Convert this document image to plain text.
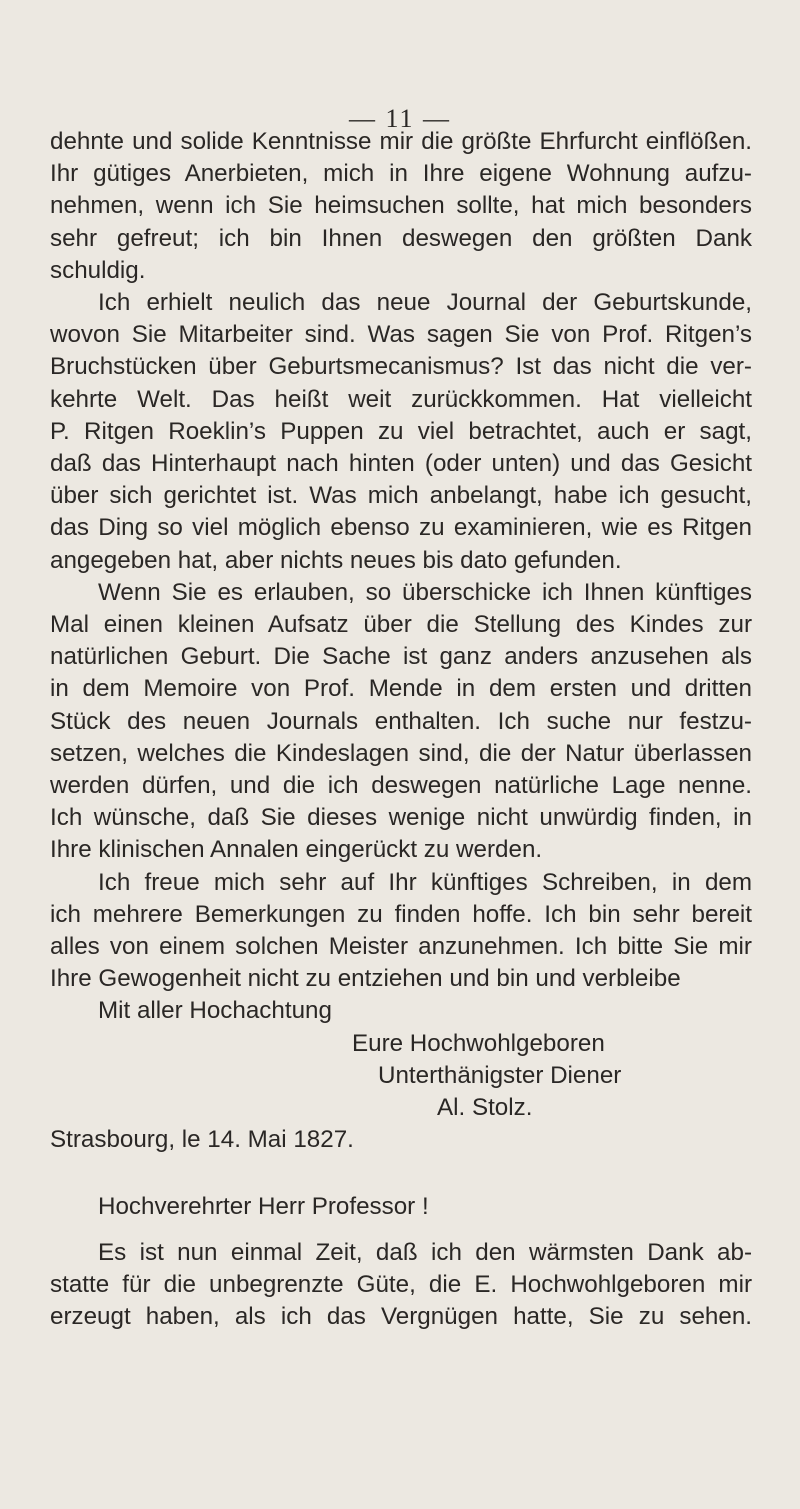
— 11 —
dehnte und solide Kenntnisse mir die größte Ehrfurcht einflößen.
Ihr gütiges Anerbieten, mich in Ihre eigene Wohnung aufzu-
nehmen, wenn ich Sie heimsuchen sollte, hat mich besonders
sehr gefreut; ich bin Ihnen deswegen den größten Dank
schuldig.
Ich erhielt neulich das neue Journal der Geburtskunde,
wovon Sie Mitarbeiter sind. Was sagen Sie von Prof. Ritgen’s
Bruchstücken über Geburtsmecanismus? Ist das nicht die ver-
kehrte Welt. Das heißt weit zurückkommen. Hat vielleicht
P. Ritgen Roeklin’s Puppen zu viel betrachtet, auch er sagt,
daß das Hinterhaupt nach hinten (oder unten) und das Gesicht
über sich gerichtet ist. Was mich anbelangt, habe ich gesucht,
das Ding so viel möglich ebenso zu examinieren, wie es Ritgen
angegeben hat, aber nichts neues bis dato gefunden.
Wenn Sie es erlauben, so überschicke ich Ihnen künftiges
Mal einen kleinen Aufsatz über die Stellung des Kindes zur
natürlichen Geburt. Die Sache ist ganz anders anzusehen als
in dem Memoire von Prof. Mende in dem ersten und dritten
Stück des neuen Journals enthalten. Ich suche nur festzu-
setzen, welches die Kindeslagen sind, die der Natur überlassen
werden dürfen, und die ich deswegen natürliche Lage nenne.
Ich wünsche, daß Sie dieses wenige nicht unwürdig finden, in
Ihre klinischen Annalen eingerückt zu werden.
Ich freue mich sehr auf Ihr künftiges Schreiben, in dem
ich mehrere Bemerkungen zu finden hoffe. Ich bin sehr bereit
alles von einem solchen Meister anzunehmen. Ich bitte Sie mir
Ihre Gewogenheit nicht zu entziehen und bin und verbleibe
Mit aller Hochachtung
Eure Hochwohlgeboren
Unterthänigster Diener
Al. Stolz.
Strasbourg, le 14. Mai 1827.
Hochverehrter Herr Professor !
Es ist nun einmal Zeit, daß ich den wärmsten Dank ab-
statte für die unbegrenzte Güte, die E. Hochwohlgeboren mir
erzeugt haben, als ich das Vergnügen hatte, Sie zu sehen.
